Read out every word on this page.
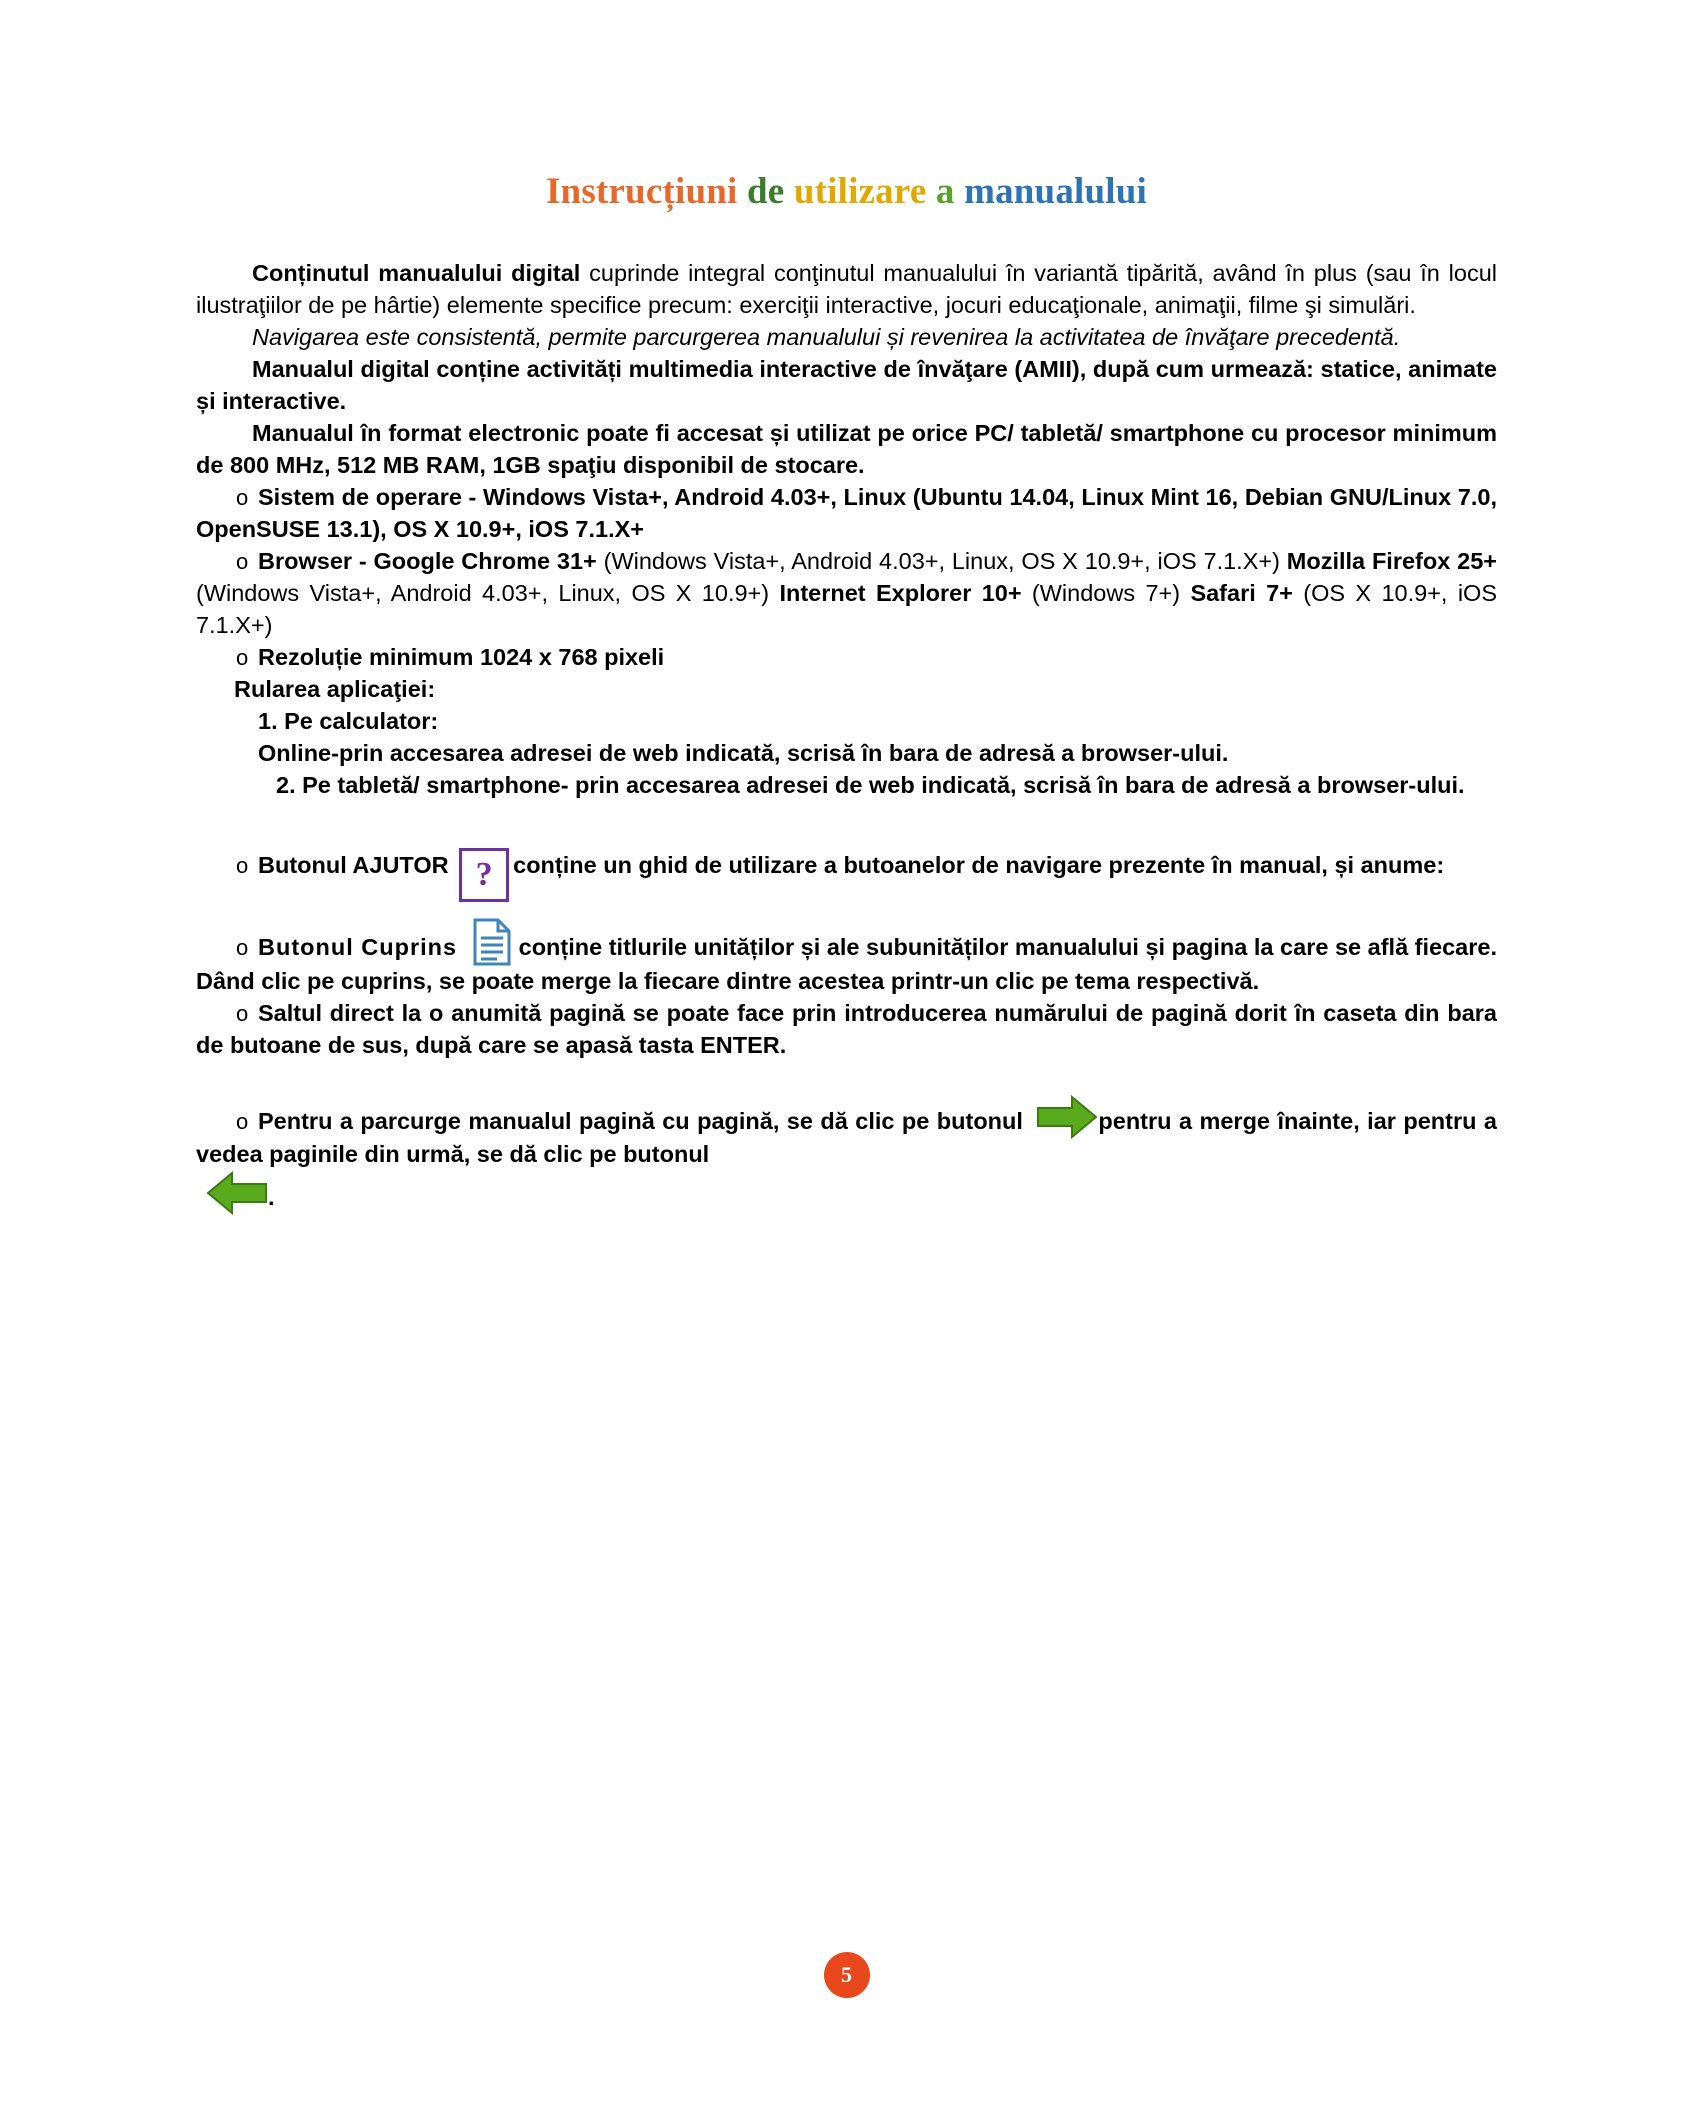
Instrucțiuni de utilizare a manualului

Conținutul manualului digital cuprinde integral conţinutul manualului în variantă tipărită, având în plus (sau în locul ilustraţiilor de pe hârtie) elemente specifice precum: exerciţii interactive, jocuri educaţionale, animaţii, filme şi simulări.

Navigarea este consistentă, permite parcurgerea manualului și revenirea la activitatea de învăţare precedentă.

Manualul digital conține activități multimedia interactive de învăţare (AMII), după cum urmează: statice, animate și interactive.

Manualul în format electronic poate fi accesat și utilizat pe orice PC/ tabletă/ smartphone cu procesor minimum de 800 MHz, 512 MB RAM, 1GB spaţiu disponibil de stocare.

o Sistem de operare - Windows Vista+, Android 4.03+, Linux (Ubuntu 14.04, Linux Mint 16, Debian GNU/Linux 7.0, OpenSUSE 13.1), OS X 10.9+, iOS 7.1.X+

o Browser - Google Chrome 31+ (Windows Vista+, Android 4.03+, Linux, OS X 10.9+, iOS 7.1.X+) Mozilla Firefox 25+ (Windows Vista+, Android 4.03+, Linux, OS X 10.9+) Internet Explorer 10+ (Windows 7+) Safari 7+ (OS X 10.9+, iOS 7.1.X+)

o Rezoluție minimum 1024 x 768 pixeli

Rularea aplicaţiei:

1. Pe calculator:

Online-prin accesarea adresei de web indicată, scrisă în bara de adresă a browser-ului.

2. Pe tabletă/ smartphone- prin accesarea adresei de web indicată, scrisă în bara de adresă a browser-ului.

o Butonul AJUTOR ? conține un ghid de utilizare a butoanelor de navigare prezente în manual, și anume:

o Butonul Cuprins conține titlurile unităților și ale subunităților manualului și pagina la care se află fiecare. Dând clic pe cuprins, se poate merge la fiecare dintre acestea printr-un clic pe tema respectivă.

o Saltul direct la o anumită pagină se poate face prin introducerea numărului de pagină dorit în caseta din bara de butoane de sus, după care se apasă tasta ENTER.

o Pentru a parcurge manualul pagină cu pagină, se dă clic pe butonul	pentru a merge înainte, iar pentru a vedea paginile din urmă, se dă clic pe butonul

.

5
